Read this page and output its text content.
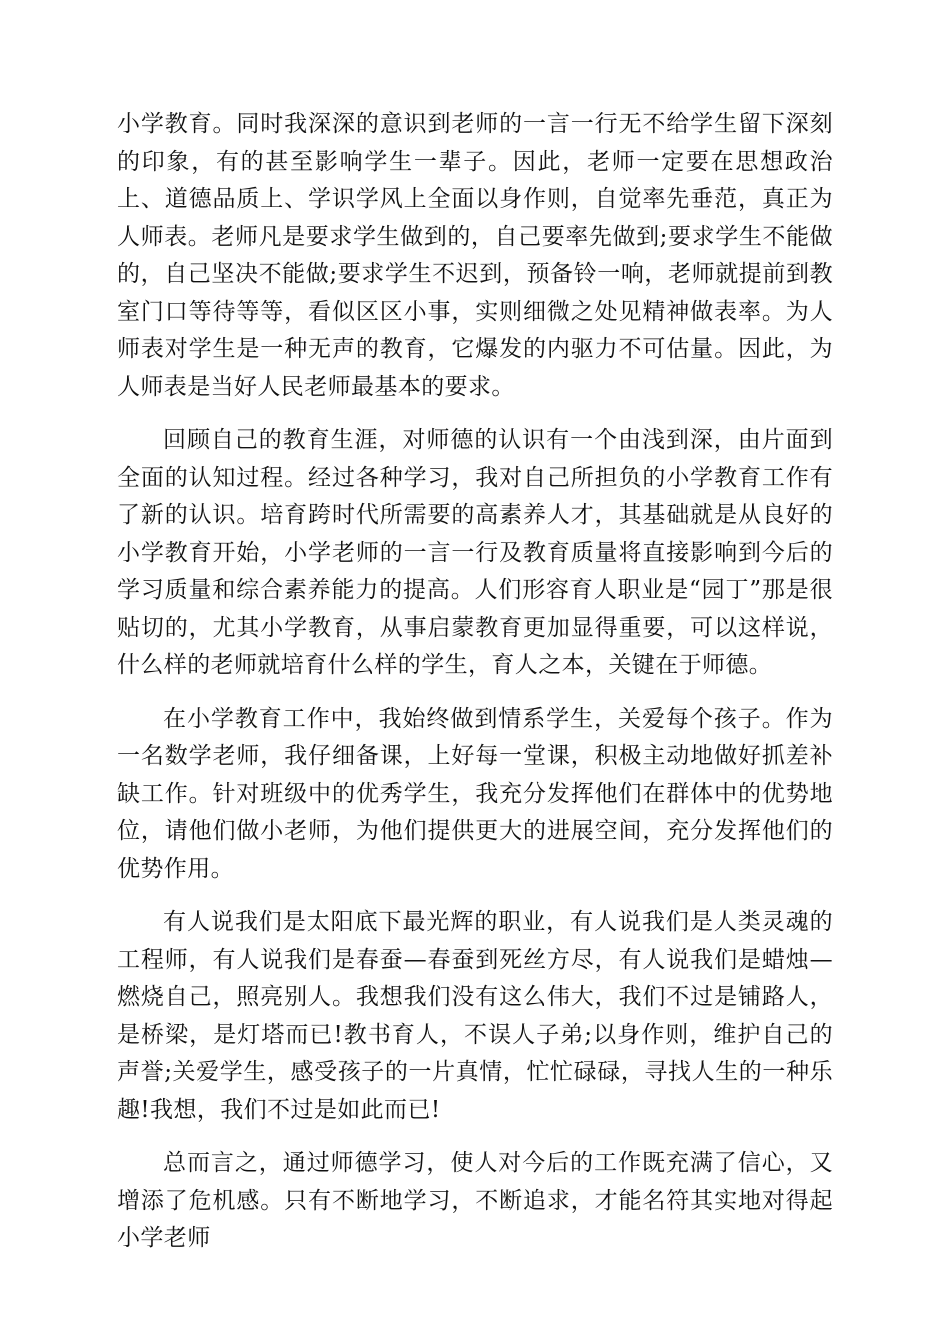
小学教育。同时我深深的意识到老师的一言一行无不给学生留下深刻的印象，有的甚至影响学生一辈子。因此，老师一定要在思想政治上、道德品质上、学识学风上全面以身作则，自觉率先垂范，真正为人师表。老师凡是要求学生做到的，自己要率先做到;要求学生不能做的，自己坚决不能做;要求学生不迟到，预备铃一响，老师就提前到教室门口等待等等，看似区区小事，实则细微之处见精神做表率。为人师表对学生是一种无声的教育，它爆发的内驱力不可估量。因此，为人师表是当好人民老师最基本的要求。

回顾自己的教育生涯，对师德的认识有一个由浅到深，由片面到全面的认知过程。经过各种学习，我对自己所担负的小学教育工作有了新的认识。培育跨时代所需要的高素养人才，其基础就是从良好的小学教育开始，小学老师的一言一行及教育质量将直接影响到今后的学习质量和综合素养能力的提高。人们形容育人职业是“园丁”那是很贴切的，尤其小学教育，从事启蒙教育更加显得重要，可以这样说，什么样的老师就培育什么样的学生，育人之本，关键在于师德。

在小学教育工作中，我始终做到情系学生，关爱每个孩子。作为一名数学老师，我仔细备课，上好每一堂课，积极主动地做好抓差补缺工作。针对班级中的优秀学生，我充分发挥他们在群体中的优势地位，请他们做小老师，为他们提供更大的进展空间，充分发挥他们的优势作用。

有人说我们是太阳底下最光辉的职业，有人说我们是人类灵魂的工程师，有人说我们是春蚕—春蚕到死丝方尽，有人说我们是蜡烛—燃烧自己，照亮别人。我想我们没有这么伟大，我们不过是铺路人，是桥梁，是灯塔而已!教书育人，不误人子弟;以身作则，维护自己的声誉;关爱学生，感受孩子的一片真情，忙忙碌碌，寻找人生的一种乐趣!我想，我们不过是如此而已!

总而言之，通过师德学习，使人对今后的工作既充满了信心，又增添了危机感。只有不断地学习，不断追求，才能名符其实地对得起小学老师
